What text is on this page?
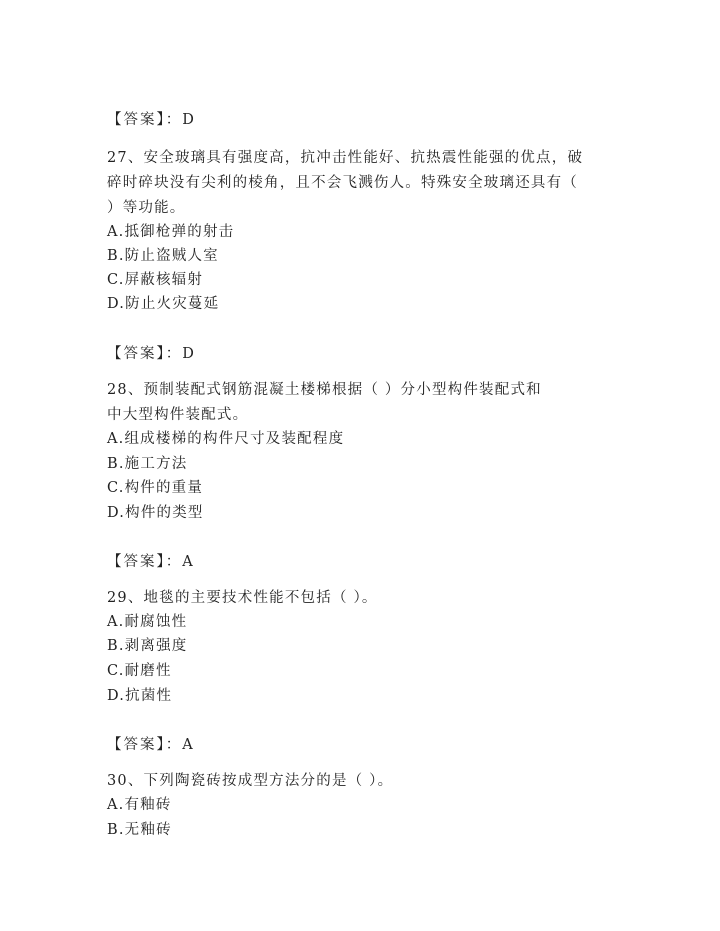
【答案】：D
27、安全玻璃具有强度高，抗冲击性能好、抗热震性能强的优点，破
碎时碎块没有尖利的棱角，且不会飞溅伤人。特殊安全玻璃还具有（
）等功能。
A.抵御枪弹的射击
B.防止盗贼人室
C.屏蔽核辐射
D.防止火灾蔓延
【答案】：D
28、预制装配式钢筋混凝土楼梯根据（ ）分小型构件装配式和
中大型构件装配式。
A.组成楼梯的构件尺寸及装配程度
B.施工方法
C.构件的重量
D.构件的类型
【答案】：A
29、地毯的主要技术性能不包括（ ）。
A.耐腐蚀性
B.剥离强度
C.耐磨性
D.抗菌性
【答案】：A
30、下列陶瓷砖按成型方法分的是（ ）。
A.有釉砖
B.无釉砖
